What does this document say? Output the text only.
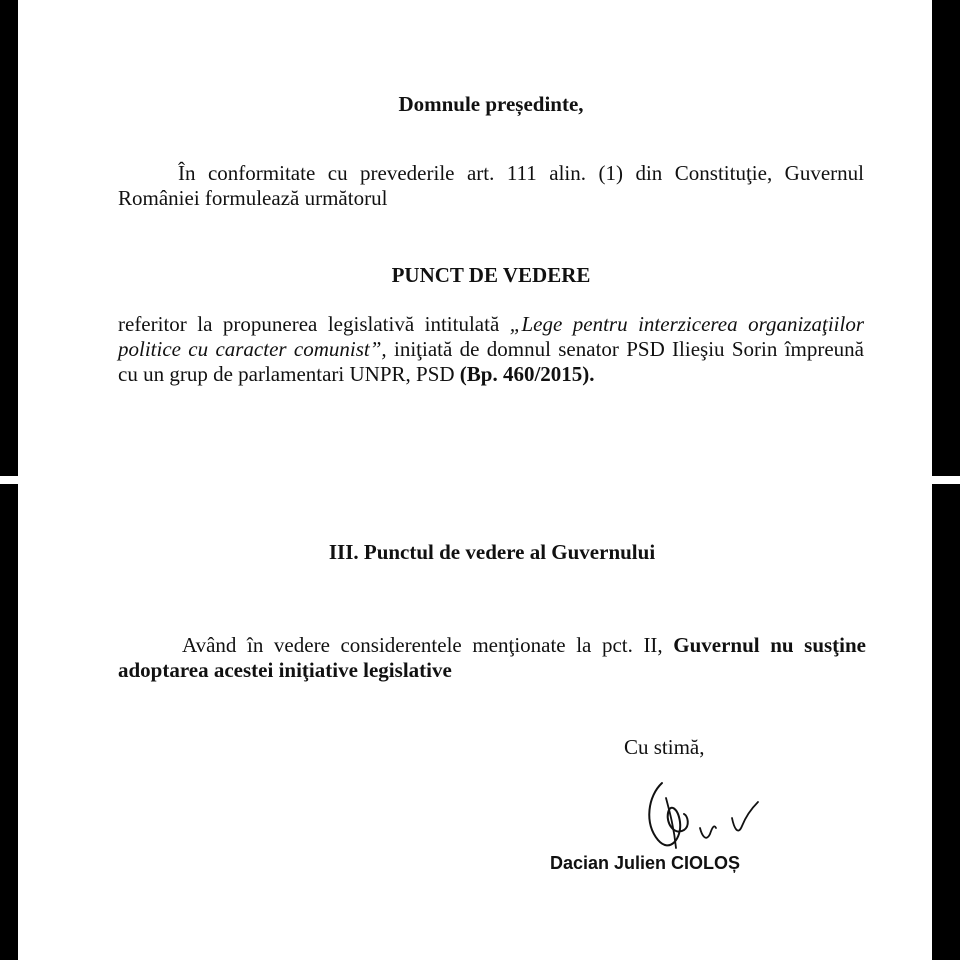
Domnule președinte,

În conformitate cu prevederile art. 111 alin. (1) din Constituţie, Guvernul României formulează următorul

PUNCT DE VEDERE

referitor la propunerea legislativă intitulată „Lege pentru interzicerea organizaţiilor politice cu caracter comunist”, iniţiată de domnul senator PSD Ilieşiu Sorin împreună cu un grup de parlamentari UNPR, PSD (Bp. 460/2015).

III. Punctul de vedere al Guvernului

Având în vedere considerentele menţionate la pct. II, Guvernul nu susţine adoptarea acestei iniţiative legislative

Cu stimă,
Dacian Julien CIOLOȘ
